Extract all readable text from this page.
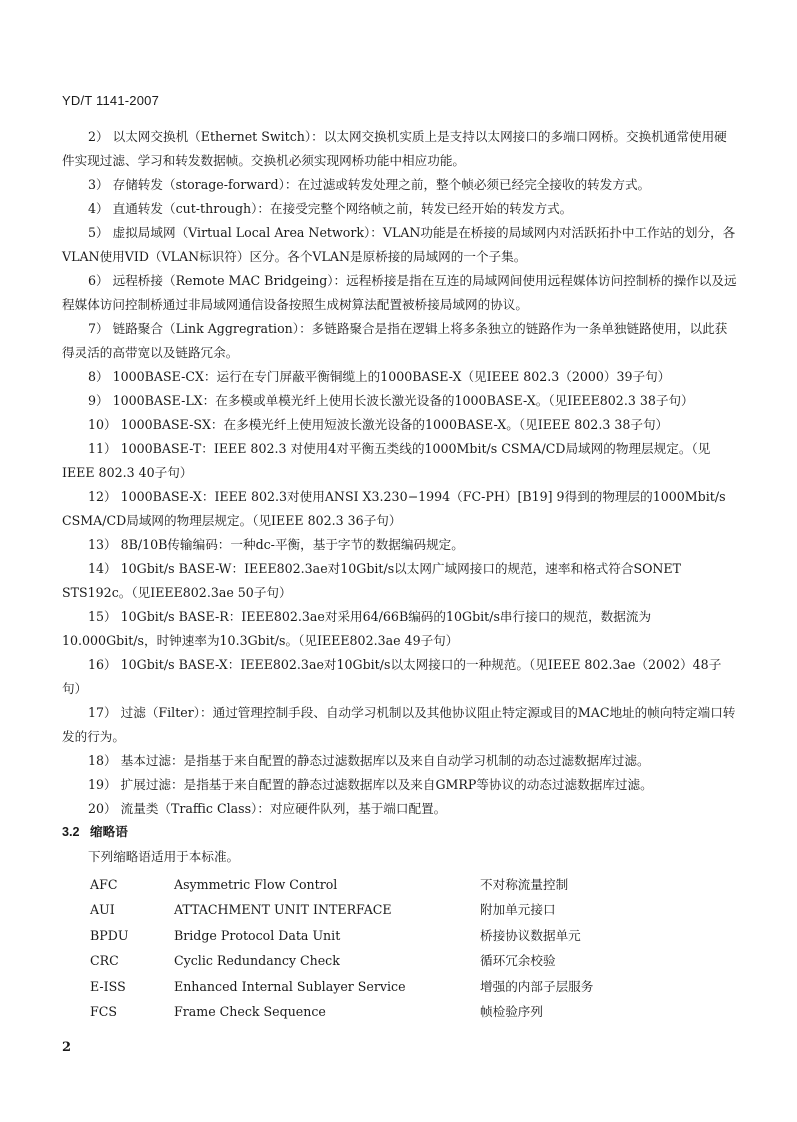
YD/T 1141-2007

2） 以太网交换机（Ethernet Switch）：以太网交换机实质上是支持以太网接口的多端口网桥。交换机通常使用硬件实现过滤、学习和转发数据帧。交换机必须实现网桥功能中相应功能。

3） 存储转发（storage-forward）：在过滤或转发处理之前，整个帧必须已经完全接收的转发方式。

4） 直通转发（cut-through）：在接受完整个网络帧之前，转发已经开始的转发方式。

5） 虚拟局域网（Virtual Local Area Network）：VLAN功能是在桥接的局域网内对活跃拓扑中工作站的划分，各VLAN使用VID（VLAN标识符）区分。各个VLAN是原桥接的局域网的一个子集。

6） 远程桥接（Remote MAC Bridgeing）：远程桥接是指在互连的局域网间使用远程媒体访问控制桥的操作以及远程媒体访问控制桥通过非局域网通信设备按照生成树算法配置被桥接局域网的协议。

7） 链路聚合（Link Aggregration）：多链路聚合是指在逻辑上将多条独立的链路作为一条单独链路使用，以此获得灵活的高带宽以及链路冗余。

8） 1000BASE-CX：运行在专门屏蔽平衡铜缆上的1000BASE-X（见IEEE 802.3（2000）39子句）

9） 1000BASE-LX：在多模或单模光纤上使用长波长激光设备的1000BASE-X。（见IEEE802.3 38子句）

10） 1000BASE-SX：在多模光纤上使用短波长激光设备的1000BASE-X。（见IEEE 802.3 38子句）

11） 1000BASE-T：IEEE 802.3 对使用4对平衡五类线的1000Mbit/s CSMA/CD局域网的物理层规定。（见 IEEE 802.3 40子句）

12） 1000BASE-X：IEEE 802.3对使用ANSI X3.230−1994（FC-PH）[B19] 9得到的物理层的1000Mbit/s CSMA/CD局域网的物理层规定。（见IEEE 802.3 36子句）

13） 8B/10B传输编码：一种dc-平衡，基于字节的数据编码规定。

14） 10Gbit/s BASE-W：IEEE802.3ae对10Gbit/s以太网广域网接口的规范，速率和格式符合SONET STS192c。（见IEEE802.3ae 50子句）

15） 10Gbit/s BASE-R：IEEE802.3ae对采用64/66B编码的10Gbit/s串行接口的规范，数据流为10.000Gbit/s，时钟速率为10.3Gbit/s。（见IEEE802.3ae 49子句）

16） 10Gbit/s BASE-X：IEEE802.3ae对10Gbit/s以太网接口的一种规范。（见IEEE 802.3ae（2002）48子句）

17） 过滤（Filter）：通过管理控制手段、自动学习机制以及其他协议阻止特定源或目的MAC地址的帧向特定端口转发的行为。

18） 基本过滤：是指基于来自配置的静态过滤数据库以及来自自动学习机制的动态过滤数据库过滤。

19） 扩展过滤：是指基于来自配置的静态过滤数据库以及来自GMRP等协议的动态过滤数据库过滤。

20） 流量类（Traffic Class）：对应硬件队列，基于端口配置。

3.2 缩略语

下列缩略语适用于本标准。

AFC	Asymmetric Flow Control	不对称流量控制
AUI	ATTACHMENT UNIT INTERFACE	附加单元接口
BPDU	Bridge Protocol Data Unit	桥接协议数据单元
CRC	Cyclic Redundancy Check	循环冗余校验
E-ISS	Enhanced Internal Sublayer Service	增强的内部子层服务
FCS	Frame Check Sequence	帧检验序列
2
